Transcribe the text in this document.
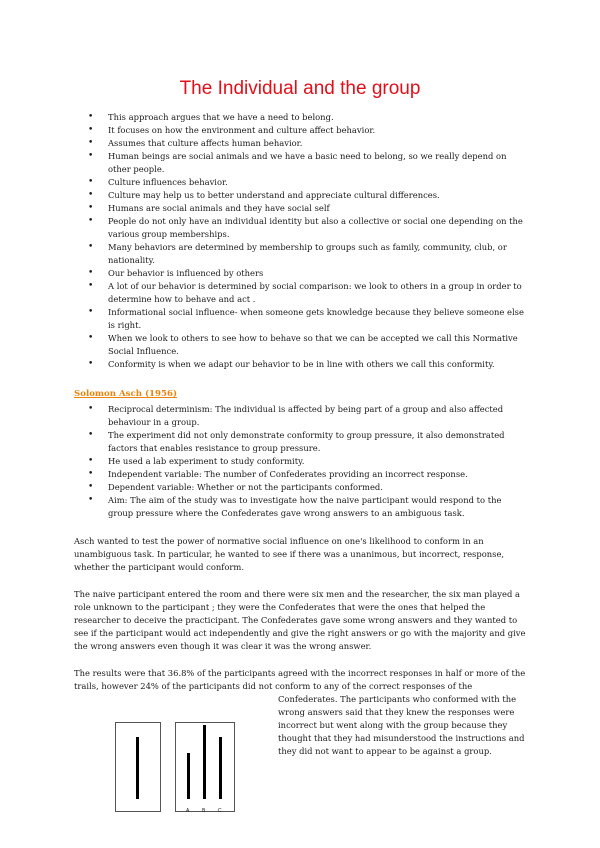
The Individual and the group
• This approach argues that we have a need to belong.
• It focuses on how the environment and culture affect behavior.
• Assumes that culture affects human behavior.
• Human beings are social animals and we have a basic need to belong, so we really depend on other people.
• Culture influences behavior.
• Culture may help us to better understand and appreciate cultural differences.
• Humans are social animals and they have social self
• People do not only have an individual identity but also a collective or social one depending on the various group memberships.
• Many behaviors are determined by membership to groups such as family, community, club, or nationality.
• Our behavior is influenced by others
• A lot of our behavior is determined by social comparison: we look to others in a group in order to determine how to behave and act .
• Informational social influence- when someone gets knowledge because they believe someone else is right.
• When we look to others to see how to behave so that we can be accepted we call this Normative Social Influence.
• Conformity is when we adapt our behavior to be in line with others we call this conformity.
Solomon Asch (1956)
• Reciprocal determinism: The individual is affected by being part of a group and also affected behaviour in a group.
• The experiment did not only demonstrate conformity to group pressure, it also demonstrated factors that enables resistance to group pressure.
• He used a lab experiment to study conformity.
• Independent variable: The number of Confederates providing an incorrect response.
• Dependent variable: Whether or not the participants conformed.
• Aim: The aim of the study was to investigate how the naive participant would respond to the group pressure where the Confederates gave wrong answers to an ambiguous task.
Asch wanted to test the power of normative social influence on one's likelihood to conform in an unambiguous task. In particular, he wanted to see if there was a unanimous, but incorrect, response, whether the participant would conform.
The naive participant entered the room and there were six men and the researcher, the six man played a role unknown to the participant ; they were the Confederates that were the ones that helped the researcher to deceive the practicipant. The Confederates gave some wrong answers and they wanted to see if the participant would act independently and give the right answers or go with the majority and give the wrong answers even though it was clear it was the wrong answer.
The results were that 36.8% of the participants agreed with the incorrect responses in half or more of the trails, however 24% of the participants did not conform to any of the correct responses of the
Confederates. The participants who conformed with the wrong answers said that they knew the responses were incorrect but went along with the group because they thought that they had misunderstood the instructions and they did not want to appear to be against a group.
A	B	C
